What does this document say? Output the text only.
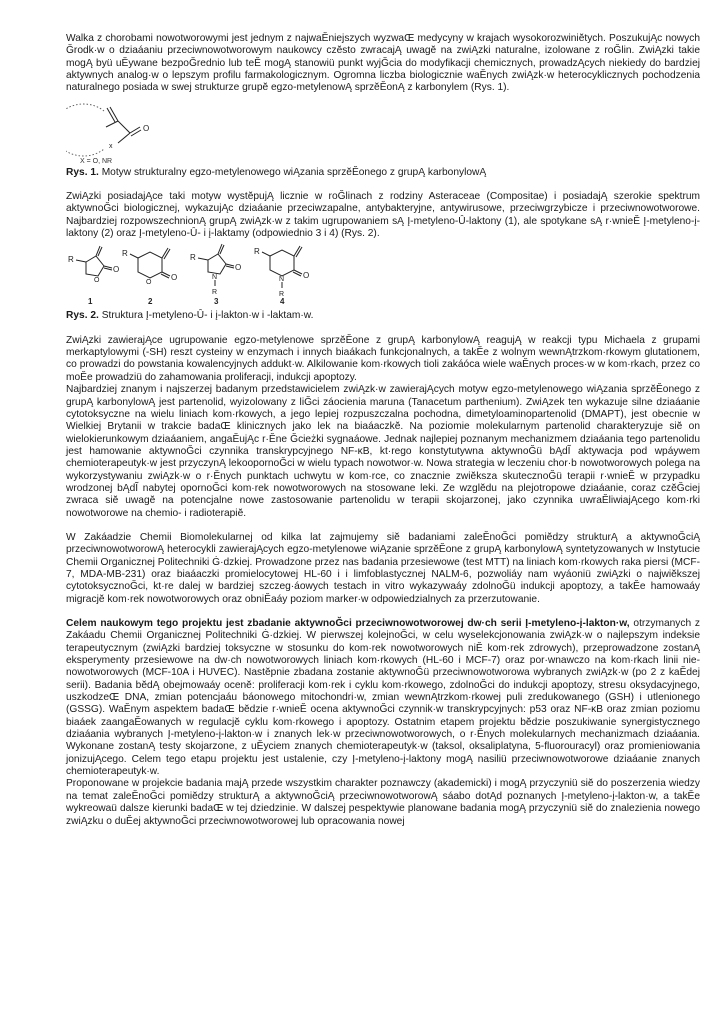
Walka z chorobami nowotworowymi jest jednym z najwaĔniejszych wyzwaŒ medycyny w krajach wysokorozwiniĕtych. PoszukujĄc nowych Ğrodk·w o dziaáaniu przeciwnowotworowym naukowcy czĕsto zwracajĄ uwagĕ na zwiĄzki naturalne, izolowane z roĞlin. ZwiĄzki takie mogĄ byü uĔywane bezpoĞrednio lub teĔ mogĄ stanowiü punkt wyjĞcia do modyfikacji chemicznych, prowadzĄcych niekiedy do bardziej aktywnych analog·w o lepszym profilu farmakologicznym. Ogromna liczba biologicznie waĔnych zwiĄzk·w heterocyklicznych pochodzenia naturalnego posiada w swej strukturze grupĕ egzo-metylenowĄ sprzĕĔonĄ z karbonylem (Rys. 1).

x
O
X = O, NR

Rys. 1. Motyw strukturalny egzo-metylenowego wiĄzania sprzĕĔonego z grupĄ karbonylowĄ

ZwiĄzki posiadajĄce taki motyw wystĕpujĄ licznie w roĞlinach z rodziny Asteraceae (Compositae) i posiadajĄ szerokie spektrum aktywnoĞci biologicznej, wykazujĄc dziaáanie przeciwzapalne, antybakteryjne, antywirusowe, przeciwgrzybicze i przeciwnowotworowe. Najbardziej rozpowszechnionĄ grupĄ zwiĄzk·w z takim ugrupowaniem sĄ Į-metyleno-Ȗ-laktony (1), ale spotykane sĄ r·wnieĔ Į-metyleno-į-laktony (2) oraz Į-metyleno-Ȗ- i į-laktamy (odpowiednio 3 i 4) (Rys. 2).

R
O
O
1
R
O
O
2
R
O
N
R
3
R
O
N
R
4

Rys. 2. Struktura Į-metyleno-Ȗ- i į-lakton·w i -laktam·w.

ZwiĄzki zawierajĄce ugrupowanie egzo-metylenowe sprzĕĔone z grupĄ karbonylowĄ reagujĄ w reakcji typu Michaela z grupami merkaptylowymi (-SH) reszt cysteiny w enzymach i innych biaákach funkcjonalnych, a takĔe z wolnym wewnĄtrzkom·rkowym glutationem, co prowadzi do powstania kowalencyjnych addukt·w. Alkilowanie kom·rkowych tioli zakáóca wiele waĔnych proces·w w kom·rkach, przez co moĔe prowadziü do zahamowania proliferacji, indukcji apoptozy.

Najbardziej znanym i najszerzej badanym przedstawicielem zwiĄzk·w zawierajĄcych motyw egzo-metylenowego wiĄzania sprzĕĔonego z grupĄ karbonylowĄ jest partenolid, wyizolowany z liĞci záocienia maruna (Tanacetum parthenium). ZwiĄzek ten wykazuje silne dziaáanie cytotoksyczne na wielu liniach kom·rkowych, a jego lepiej rozpuszczalna pochodna, dimetyloaminopartenolid (DMAPT), jest obecnie w Wielkiej Brytanii w trakcie badaŒ klinicznych jako lek na biaáaczkĕ. Na poziomie molekularnym partenolid charakteryzuje siĕ on wielokierunkowym dziaáaniem, angaĔujĄc r·Ĕne Ğcieżki sygnaáowe. Jednak najlepiej poznanym mechanizmem dziaáania tego partenolidu jest hamowanie aktywnoĞci czynnika transkrypcyjnego NF-ĸB, kt·rego konstytutywna aktywnoĞü bĄdĨ aktywacja pod wpáywem chemioterapeutyk·w jest przyczynĄ lekoopornoĞci w wielu typach nowotwor·w. Nowa strategia w leczeniu chor·b nowotworowych polega na wykorzystywaniu zwiĄzk·w o r·Ĕnych punktach uchwytu w kom·rce, co znacznie zwiĕksza skutecznoĞü terapii r·wnieĔ w przypadku wrodzonej bĄdĨ nabytej opornoĞci kom·rek nowotworowych na stosowane leki. Ze wzglĕdu na plejotropowe dziaáanie, coraz czĕĞciej zwraca siĕ uwagĕ na potencjalne nowe zastosowanie partenolidu w terapii skojarzonej, jako czynnika uwraĔliwiajĄcego kom·rki nowotworowe na chemio- i radioterapiĕ.

W Zakáadzie Chemii Biomolekularnej od kilka lat zajmujemy siĕ badaniami zaleĔnoĞci pomiĕdzy strukturĄ a aktywnoĞciĄ przeciwnowotworowĄ heterocykli zawierajĄcych egzo-metylenowe wiĄzanie sprzĕĔone z grupĄ karbonylowĄ syntetyzowanych w Instytucie Chemii Organicznej Politechniki Ġ·dzkiej. Prowadzone przez nas badania przesiewowe (test MTT) na liniach kom·rkowych raka piersi (MCF-7, MDA-MB-231) oraz biaáaczki promielocytowej HL-60 i i limfoblastycznej NALM-6, pozwoliáy nam wyáoniü zwiĄzki o najwiĕkszej cytotoksycznoĞci, kt·re dalej w bardziej szczeg·áowych testach in vitro wykazywaáy zdolnoĞü indukcji apoptozy, a takĔe hamowaáy migracjĕ kom·rek nowotworowych oraz obniĔaáy poziom marker·w odpowiedzialnych za przerzutowanie.

Celem naukowym tego projektu jest zbadanie aktywnoĞci przeciwnowotworowej dw·ch serii Į-metyleno-į-lakton·w, otrzymanych z Zakáadu Chemii Organicznej Politechniki Ġ·dzkiej. W pierwszej kolejnoĞci, w celu wyselekcjonowania zwiĄzk·w o najlepszym indeksie terapeutycznym (zwiĄzki bardziej toksyczne w stosunku do kom·rek nowotworowych niĔ kom·rek zdrowych), przeprowadzone zostanĄ eksperymenty przesiewowe na dw·ch nowotworowych liniach kom·rkowych (HL-60 i MCF-7) oraz por·wnawczo na kom·rkach linii nie-nowotworowych (MCF-10A i HUVEC). Nastĕpnie zbadana zostanie aktywnoĞü przeciwnowotworowa wybranych zwiĄzk·w (po 2 z kaĔdej serii). Badania bĕdĄ obejmowaáy ocenĕ: proliferacji kom·rek i cyklu kom·rkowego, zdolnoĞci do indukcji apoptozy, stresu oksydacyjnego, uszkodzeŒ DNA, zmian potencjaáu báonowego mitochondri·w, zmian wewnĄtrzkom·rkowej puli zredukowanego (GSH) i utlenionego (GSSG). WaĔnym aspektem badaŒ bĕdzie r·wnieĔ ocena aktywnoĞci czynnik·w transkrypcyjnych: p53 oraz NF-ĸB oraz zmian poziomu biaáek zaangaĔowanych w regulacjĕ cyklu kom·rkowego i apoptozy. Ostatnim etapem projektu bĕdzie poszukiwanie synergistycznego dziaáania wybranych Į-metyleno-į-lakton·w i znanych lek·w przeciwnowotworowych, o r·Ĕnych molekularnych mechanizmach dziaáania. Wykonane zostanĄ testy skojarzone, z uĔyciem znanych chemioterapeutyk·w (taksol, oksaliplatyna, 5-fluorouracyl) oraz promieniowania jonizujĄcego. Celem tego etapu projektu jest ustalenie, czy Į-metyleno-į-laktony mogĄ nasiliü przeciwnowotworowe dziaáanie znanych chemioterapeutyk·w.

Proponowane w projekcie badania majĄ przede wszystkim charakter poznawczy (akademicki) i mogĄ przyczyniü siĕ do poszerzenia wiedzy na temat zaleĔnoĞci pomiĕdzy strukturĄ a aktywnoĞciĄ przeciwnowotworowĄ sáabo dotĄd poznanych Į-metyleno-į-lakton·w, a takĔe wykreowaü dalsze kierunki badaŒ w tej dziedzinie. W dalszej pespektywie planowane badania mogĄ przyczyniü siĕ do znalezienia nowego zwiĄzku o duĔej aktywnoĞci przeciwnowotworowej lub opracowania nowej
